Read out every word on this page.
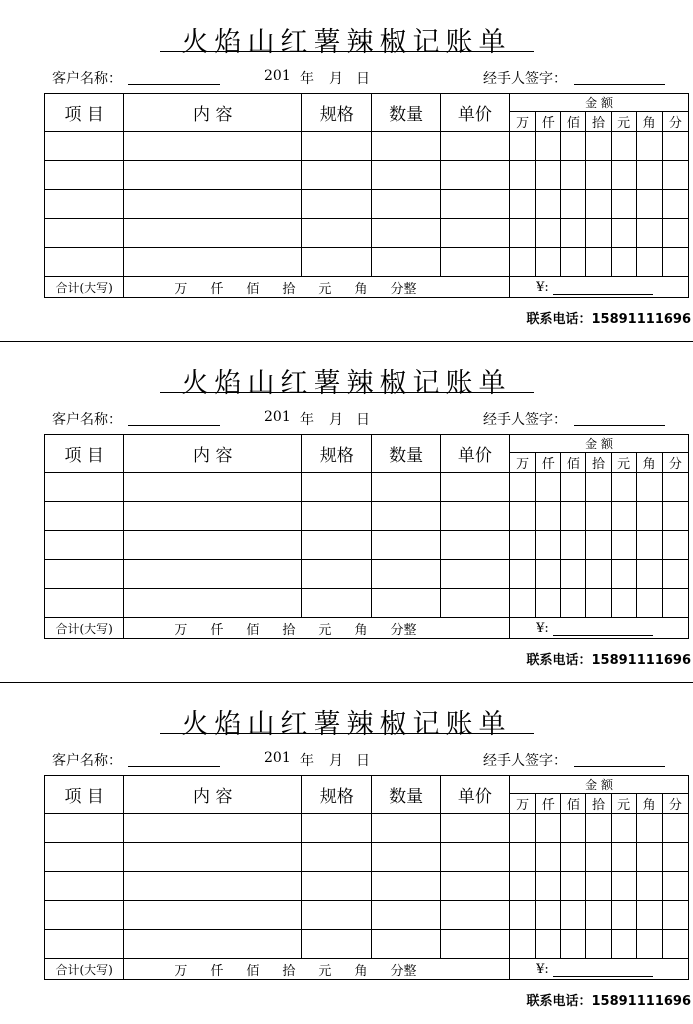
火焰山红薯辣椒记账单
客户名称：	201 年 月 日	经手人签字：
项 目	内 容	规格	数量	单价	金 额						
					万	仟	佰	拾	元	角	分

合计(大写)	万 仟 佰 拾 元 角 分整				¥:						
联系电话：15891111696
火焰山红薯辣椒记账单
客户名称：	201 年 月 日	经手人签字：
项 目	内 容	规格	数量	单价	金 额						
					万	仟	佰	拾	元	角	分

合计(大写)	万 仟 佰 拾 元 角 分整				¥:						
联系电话：15891111696
火焰山红薯辣椒记账单
客户名称：	201 年 月 日	经手人签字：
项 目	内 容	规格	数量	单价	金 额						
					万	仟	佰	拾	元	角	分

合计(大写)	万 仟 佰 拾 元 角 分整				¥:						
联系电话：15891111696
